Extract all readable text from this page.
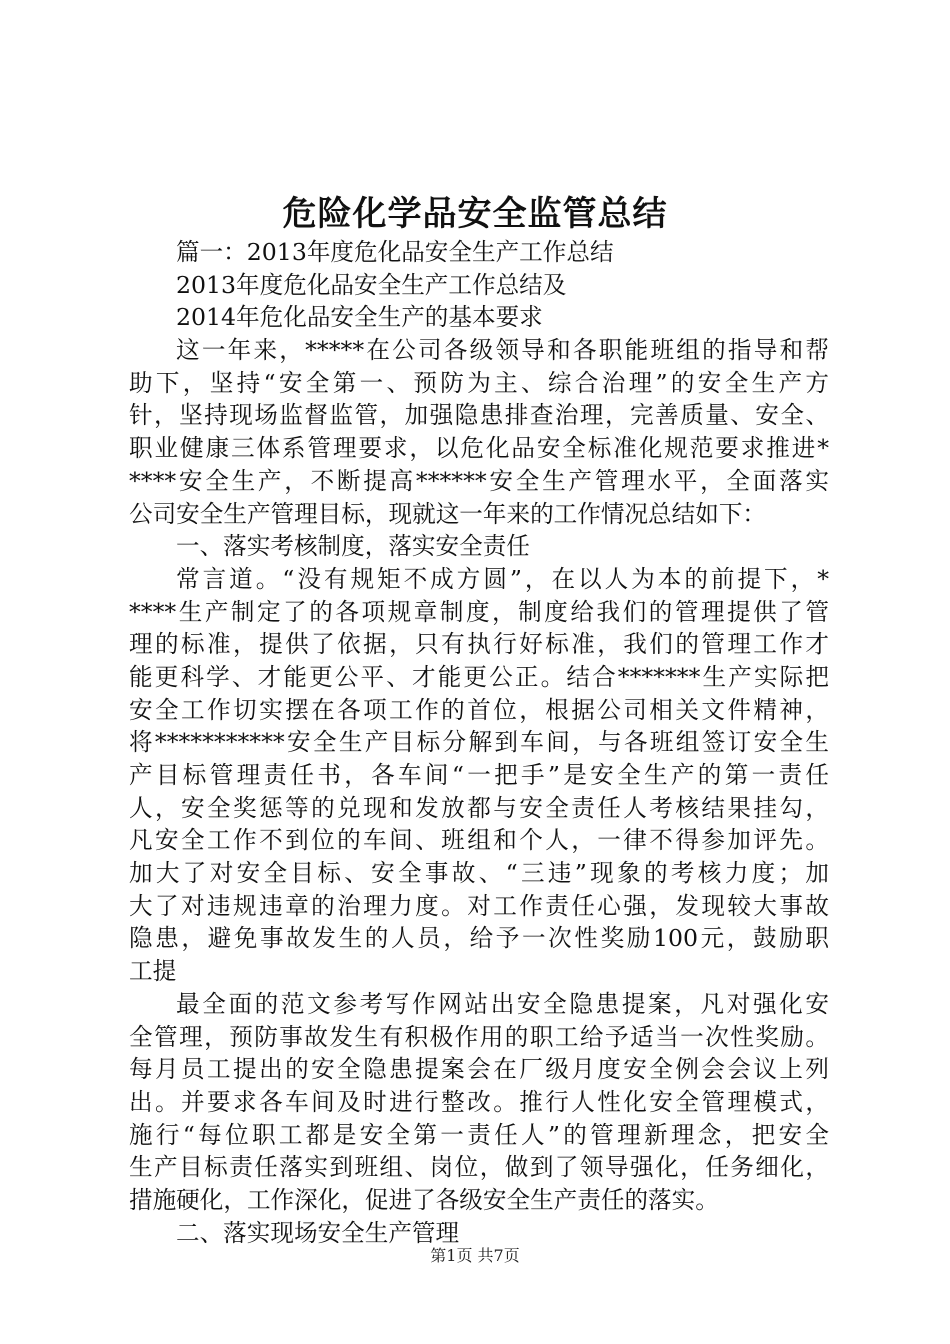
危险化学品安全监管总结
篇一：2013年度危化品安全生产工作总结
2013年度危化品安全生产工作总结及
2014年危化品安全生产的基本要求
这一年来，*****在公司各级领导和各职能班组的指导和帮
助下，坚持“安全第一、预防为主、综合治理”的安全生产方
针，坚持现场监督监管，加强隐患排查治理，完善质量、安全、
职业健康三体系管理要求，以危化品安全标准化规范要求推进*
****安全生产，不断提高******安全生产管理水平，全面落实
公司安全生产管理目标，现就这一年来的工作情况总结如下：
一、落实考核制度，落实安全责任
常言道。“没有规矩不成方圆”，在以人为本的前提下，*
****生产制定了的各项规章制度，制度给我们的管理提供了管
理的标准，提供了依据，只有执行好标准，我们的管理工作才
能更科学、才能更公平、才能更公正。结合*******生产实际把
安全工作切实摆在各项工作的首位，根据公司相关文件精神，
将***********安全生产目标分解到车间，与各班组签订安全生
产目标管理责任书，各车间“一把手”是安全生产的第一责任
人，安全奖惩等的兑现和发放都与安全责任人考核结果挂勾，
凡安全工作不到位的车间、班组和个人，一律不得参加评先。
加大了对安全目标、安全事故、“三违”现象的考核力度；加
大了对违规违章的治理力度。对工作责任心强，发现较大事故
隐患，避免事故发生的人员，给予一次性奖励100元，鼓励职
工提
最全面的范文参考写作网站出安全隐患提案，凡对强化安
全管理，预防事故发生有积极作用的职工给予适当一次性奖励。
每月员工提出的安全隐患提案会在厂级月度安全例会会议上列
出。并要求各车间及时进行整改。推行人性化安全管理模式，
施行“每位职工都是安全第一责任人”的管理新理念，把安全
生产目标责任落实到班组、岗位，做到了领导强化，任务细化，
措施硬化，工作深化，促进了各级安全生产责任的落实。
二、落实现场安全生产管理
第1页 共7页
